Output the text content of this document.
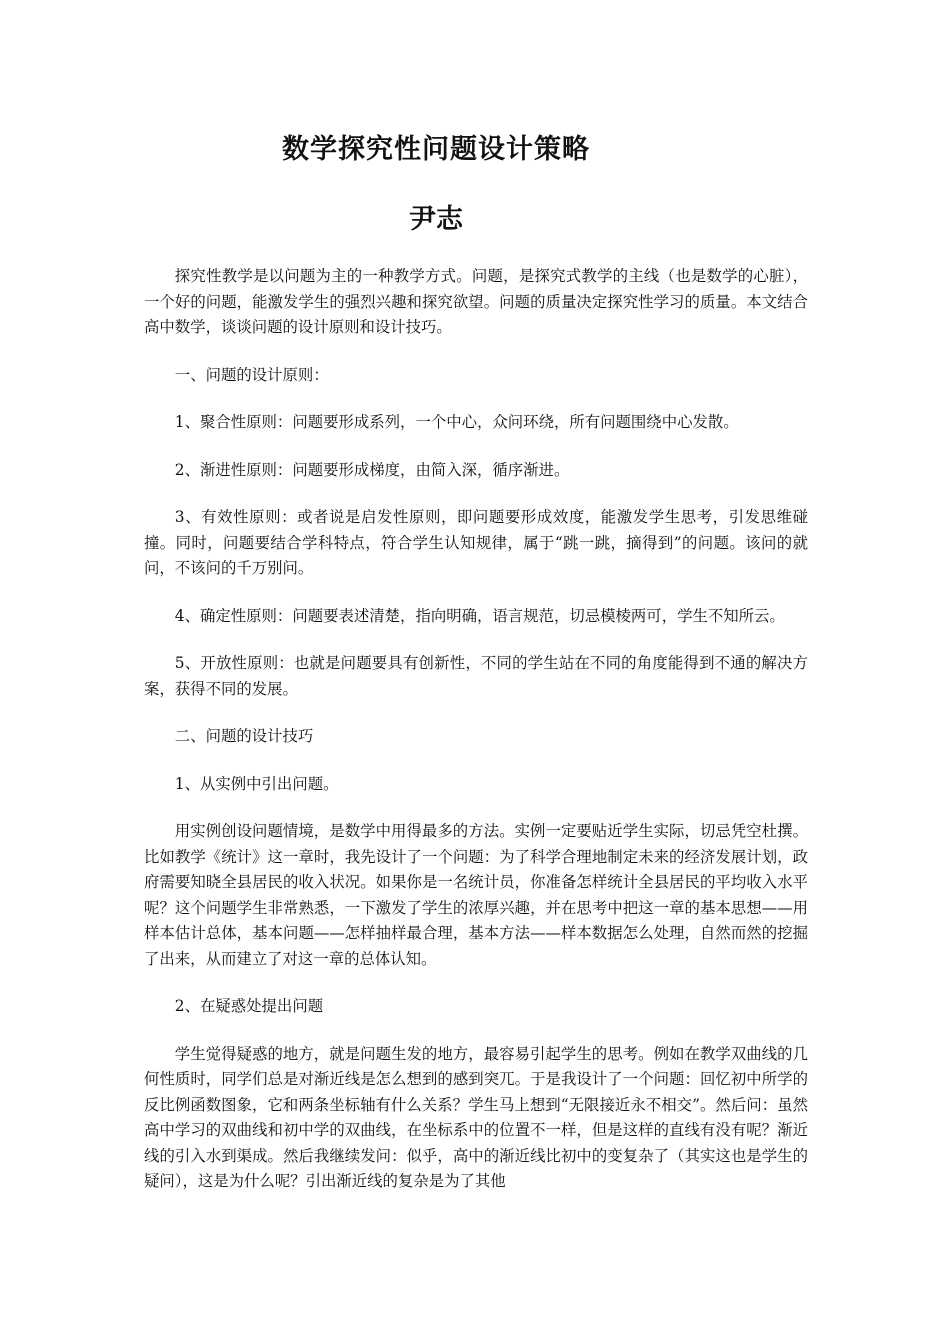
数学探究性问题设计策略
尹志

探究性教学是以问题为主的一种教学方式。问题，是探究式教学的主线（也是数学的心脏），一个好的问题，能激发学生的强烈兴趣和探究欲望。问题的质量决定探究性学习的质量。本文结合高中数学，谈谈问题的设计原则和设计技巧。

一、问题的设计原则：

1、聚合性原则：问题要形成系列，一个中心，众问环绕，所有问题围绕中心发散。

2、渐进性原则：问题要形成梯度，由简入深，循序渐进。

3、有效性原则：或者说是启发性原则，即问题要形成效度，能激发学生思考，引发思维碰撞。同时，问题要结合学科特点，符合学生认知规律，属于“跳一跳，摘得到”的问题。该问的就问，不该问的千万别问。

4、确定性原则：问题要表述清楚，指向明确，语言规范，切忌模棱两可，学生不知所云。

5、开放性原则：也就是问题要具有创新性，不同的学生站在不同的角度能得到不通的解决方案，获得不同的发展。

二、问题的设计技巧

1、从实例中引出问题。

用实例创设问题情境，是数学中用得最多的方法。实例一定要贴近学生实际，切忌凭空杜撰。比如教学《统计》这一章时，我先设计了一个问题：为了科学合理地制定未来的经济发展计划，政府需要知晓全县居民的收入状况。如果你是一名统计员，你准备怎样统计全县居民的平均收入水平呢？这个问题学生非常熟悉，一下激发了学生的浓厚兴趣，并在思考中把这一章的基本思想——用样本估计总体，基本问题——怎样抽样最合理，基本方法——样本数据怎么处理，自然而然的挖掘了出来，从而建立了对这一章的总体认知。

2、在疑惑处提出问题

学生觉得疑惑的地方，就是问题生发的地方，最容易引起学生的思考。例如在教学双曲线的几何性质时，同学们总是对渐近线是怎么想到的感到突兀。于是我设计了一个问题：回忆初中所学的反比例函数图象，它和两条坐标轴有什么关系？学生马上想到“无限接近永不相交”。然后问：虽然高中学习的双曲线和初中学的双曲线，在坐标系中的位置不一样，但是这样的直线有没有呢？渐近线的引入水到渠成。然后我继续发问：似乎，高中的渐近线比初中的变复杂了（其实这也是学生的疑问），这是为什么呢？引出渐近线的复杂是为了其他
